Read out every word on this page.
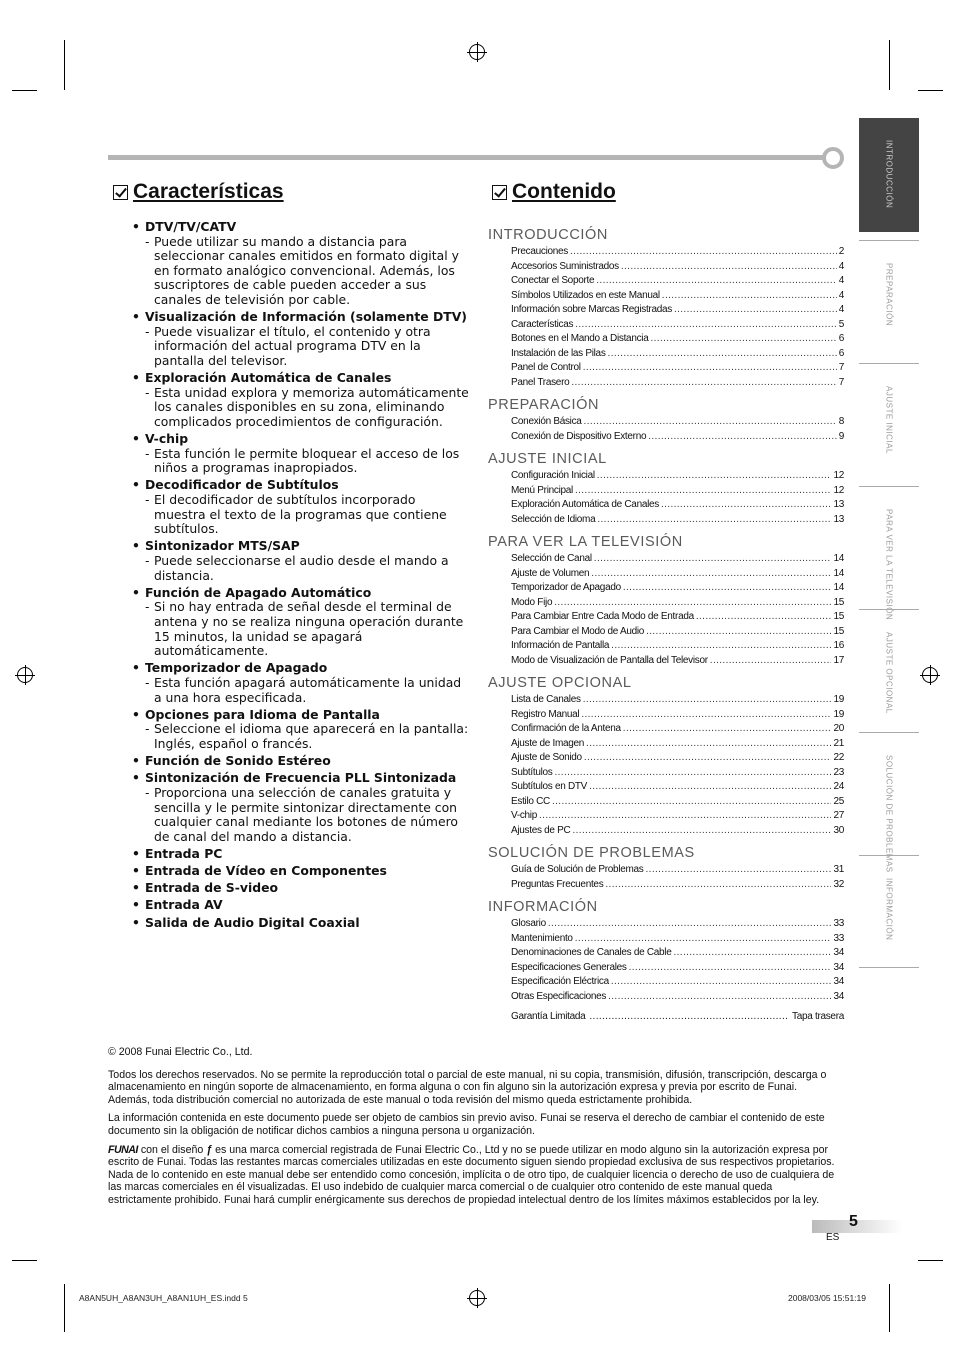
INTRODUCCIÓN
PREPARACIÓN
AJUSTE INICIAL
PARA VER LA TELEVISIÓN
AJUSTE OPCIONAL
SOLUCIÓN DE PROBLEMAS
INFORMACIÓN
Características
• DTV/TV/CATV
- Puede utilizar su mando a distancia para seleccionar canales emitidos en formato digital y en formato analógico convencional. Además, los suscriptores de cable pueden acceder a sus canales de televisión por cable.
• Visualización de Información (solamente DTV)
- Puede visualizar el título, el contenido y otra información del actual programa DTV en la pantalla del televisor.
• Exploración Automática de Canales
- Esta unidad explora y memoriza automáticamente los canales disponibles en su zona, eliminando complicados procedimientos de configuración.
• V-chip
- Esta función le permite bloquear el acceso de los niños a programas inapropiados.
• Decodificador de Subtítulos
- El decodificador de subtítulos incorporado muestra el texto de la programas que contiene subtítulos.
• Sintonizador MTS/SAP
- Puede seleccionarse el audio desde el mando a distancia.
• Función de Apagado Automático
- Si no hay entrada de señal desde el terminal de antena y no se realiza ninguna operación durante 15 minutos, la unidad se apagará automáticamente.
• Temporizador de Apagado
- Esta función apagará automáticamente la unidad a una hora especificada.
• Opciones para Idioma de Pantalla
- Seleccione el idioma que aparecerá en la pantalla: Inglés, español o francés.
• Función de Sonido Estéreo
• Sintonización de Frecuencia PLL Sintonizada
- Proporciona una selección de canales gratuita y sencilla y le permite sintonizar directamente con cualquier canal mediante los botones de número de canal del mando a distancia.
• Entrada PC
• Entrada de Vídeo en Componentes
• Entrada de S-video
• Entrada AV
• Salida de Audio Digital Coaxial
Contenido
INTRODUCCIÓN
Precauciones . . .	2
Accesorios Suministrados . . .	4
Conectar el Soporte . . .	4
Símbolos Utilizados en este Manual . . .	4
Información sobre Marcas Registradas . . .	4
Características . . .	5
Botones en el Mando a Distancia . . .	6
Instalación de las Pilas . . .	6
Panel de Control . . .	7
Panel Trasero . . .	7
PREPARACIÓN
Conexión Básica . . .	8
Conexión de Dispositivo Externo . . .	9
AJUSTE INICIAL
Configuración Inicial . . .	12
Menú Principal . . .	12
Exploración Automática de Canales . . .	13
Selección de Idioma . . .	13
PARA VER LA TELEVISIÓN
Selección de Canal . . .	14
Ajuste de Volumen . . .	14
Temporizador de Apagado . . .	14
Modo Fijo . . .	15
Para Cambiar Entre Cada Modo de Entrada . . .	15
Para Cambiar el Modo de Audio . . .	15
Información de Pantalla . . .	16
Modo de Visualización de Pantalla del Televisor . . .	17
AJUSTE OPCIONAL
Lista de Canales . . .	19
Registro Manual . . .	19
Confirmación de la Antena . . .	20
Ajuste de Imagen . . .	21
Ajuste de Sonido . . .	22
Subtítulos . . .	23
Subtítulos en DTV . . .	24
Estilo CC . . .	25
V-chip . . .	27
Ajustes de PC . . .	30
SOLUCIÓN DE PROBLEMAS
Guía de Solución de Problemas . . .	31
Preguntas Frecuentes . . .	32
INFORMACIÓN
Glosario . . .	33
Mantenimiento . . .	33
Denominaciones de Canales de Cable . . .	34
Especificaciones Generales . . .	34
Especificación Eléctrica . . .	34
Otras Especificaciones . . .	34
Garantía Limitada . . .	Tapa trasera

© 2008 Funai Electric Co., Ltd.

Todos los derechos reservados. No se permite la reproducción total o parcial de este manual, ni su copia, transmisión, difusión, transcripción, descarga o almacenamiento en ningún soporte de almacenamiento, en forma alguna o con fin alguno sin la autorización expresa y previa por escrito de Funai.

Además, toda distribución comercial no autorizada de este manual o toda revisión del mismo queda estrictamente prohibida.

La información contenida en este documento puede ser objeto de cambios sin previo aviso. Funai se reserva el derecho de cambiar el contenido de este documento sin la obligación de notificar dichos cambios a ninguna persona u organización.

FUNAI con el diseño ƒ es una marca comercial registrada de Funai Electric Co., Ltd y no se puede utilizar en modo alguno sin la autorización expresa por escrito de Funai. Todas las restantes marcas comerciales utilizadas en este documento siguen siendo propiedad exclusiva de sus respectivos propietarios. Nada de lo contenido en este manual debe ser entendido como concesión, implícita o de otro tipo, de cualquier licencia o derecho de uso de cualquiera de las marcas comerciales en él visualizadas. El uso indebido de cualquier marca comercial o de cualquier otro contenido de este manual queda estrictamente prohibido. Funai hará cumplir enérgicamente sus derechos de propiedad intelectual dentro de los límites máximos establecidos por la ley.

5
ES
A8AN5UH_A8AN3UH_A8AN1UH_ES.indd 5	2008/03/05 15:51:19
